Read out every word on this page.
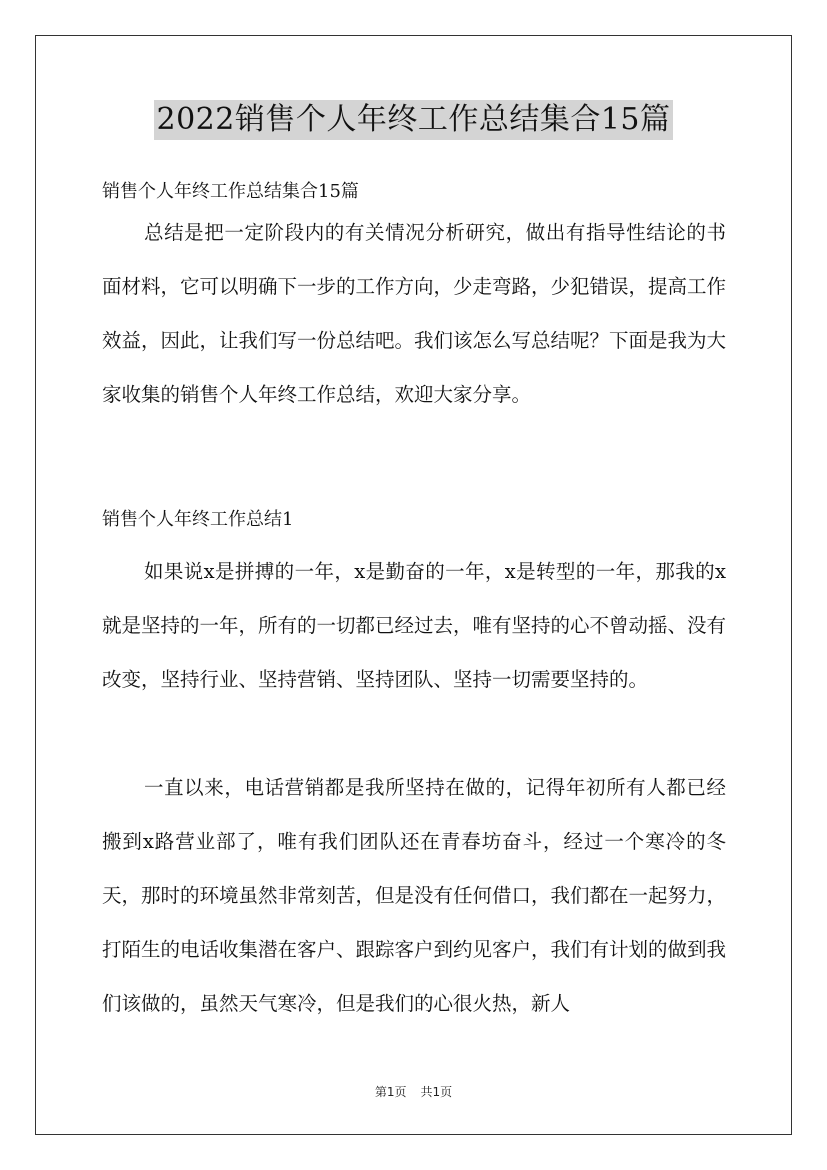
2022销售个人年终工作总结集合15篇
销售个人年终工作总结集合15篇

总结是把一定阶段内的有关情况分析研究，做出有指导性结论的书面材料，它可以明确下一步的工作方向，少走弯路，少犯错误，提高工作效益，因此，让我们写一份总结吧。我们该怎么写总结呢？下面是我为大家收集的销售个人年终工作总结，欢迎大家分享。

销售个人年终工作总结1

如果说x是拼搏的一年，x是勤奋的一年，x是转型的一年，那我的x就是坚持的一年，所有的一切都已经过去，唯有坚持的心不曾动摇、没有改变，坚持行业、坚持营销、坚持团队、坚持一切需要坚持的。

一直以来，电话营销都是我所坚持在做的，记得年初所有人都已经搬到x路营业部了，唯有我们团队还在青春坊奋斗，经过一个寒冷的冬天，那时的环境虽然非常刻苦，但是没有任何借口，我们都在一起努力，打陌生的电话收集潜在客户、跟踪客户到约见客户，我们有计划的做到我们该做的，虽然天气寒冷，但是我们的心很火热，新人

第1页 共1页
